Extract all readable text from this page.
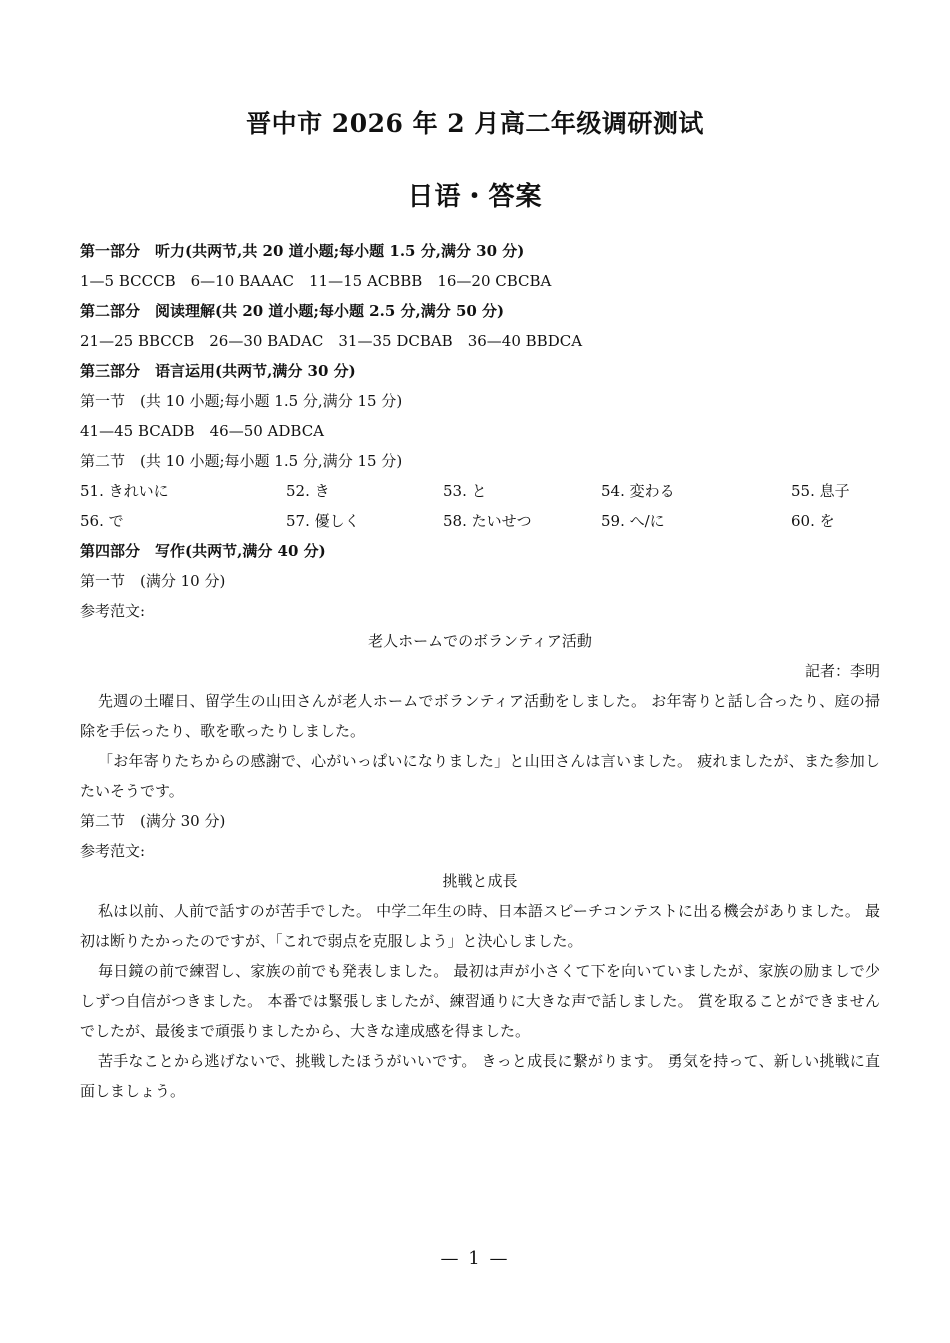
晋中市 2026 年 2 月高二年级调研测试
日语・答案
第一部分　听力(共两节,共 20 道小题;每小题 1.5 分,满分 30 分)
1—5 BCCCB　6—10 BAAAC　11—15 ACBBB　16—20 CBCBA
第二部分　阅读理解(共 20 道小题;每小题 2.5 分,满分 50 分)
21—25 BBCCB　26—30 BADAC　31—35 DCBAB　36—40 BBDCA
第三部分　语言运用(共两节,满分 30 分)
第一节　(共 10 小题;每小题 1.5 分,满分 15 分)
41—45 BCADB　46—50 ADBCA
第二节　(共 10 小题;每小题 1.5 分,满分 15 分)
51. きれいに	52. き	53. と	54. 変わる	55. 息子
56. で	57. 優しく	58. たいせつ	59. へ/に	60. を
第四部分　写作(共两节,满分 40 分)
第一节　(满分 10 分)
参考范文:
老人ホームでのボランティア活動
記者：李明
先週の土曜日、留学生の山田さんが老人ホームでボランティア活動をしました。 お年寄りと話し合ったり、庭の掃除を手伝ったり、歌を歌ったりしました。
「お年寄りたちからの感謝で、心がいっぱいになりました」と山田さんは言いました。 疲れましたが、また参加したいそうです。
第二节　(满分 30 分)
参考范文:
挑戦と成長
私は以前、人前で話すのが苦手でした。 中学二年生の時、日本語スピーチコンテストに出る機会がありました。 最初は断りたかったのですが、「これで弱点を克服しよう」と決心しました。
毎日鏡の前で練習し、家族の前でも発表しました。 最初は声が小さくて下を向いていましたが、家族の励ましで少しずつ自信がつきました。 本番では緊張しましたが、練習通りに大きな声で話しました。 賞を取ることができませんでしたが、最後まで頑張りましたから、大きな達成感を得ました。
苦手なことから逃げないで、挑戦したほうがいいです。 きっと成長に繋がります。 勇気を持って、新しい挑戦に直面しましょう。
— 1 —
